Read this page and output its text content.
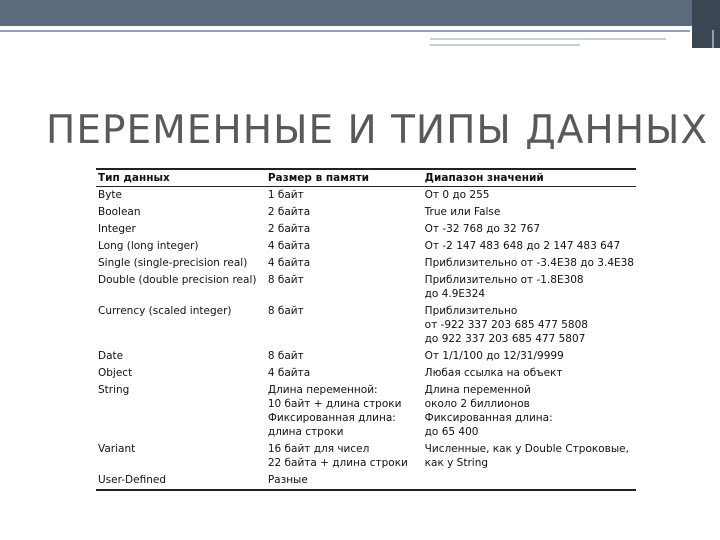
ПЕРЕМЕННЫЕ И ТИПЫ ДАННЫХ
Тип данных	Размер в памяти	Диапазон значений

Byte	1 байт	От 0 до 255

Boolean	2 байта	True или False

Integer	2 байта	От -32 768 до 32 767

Long (long integer)	4 байта	От -2 147 483 648 до 2 147 483 647

Single (single-precision real)	4 байта	Приблизительно от -3.4E38 до 3.4E38

Double (double precision real)	8 байт	Приблизительно от -1.8E308
до 4.9E324

Currency (scaled integer)	8 байт	Приблизительно
от -922 337 203 685 477 5808
до 922 337 203 685 477 5807

Date	8 байт	От 1/1/100 до 12/31/9999

Object	4 байта	Любая ссылка на объект

String	Длина переменной:
10 байт + длина строки
Фиксированная длина:
длина строки	Длина переменной
около 2 биллионов
Фиксированная длина:
до 65 400

Variant	16 байт для чисел
22 байта + длина строки	Численные, как у Double Строковые,
как у String

User-Defined	Разные	
